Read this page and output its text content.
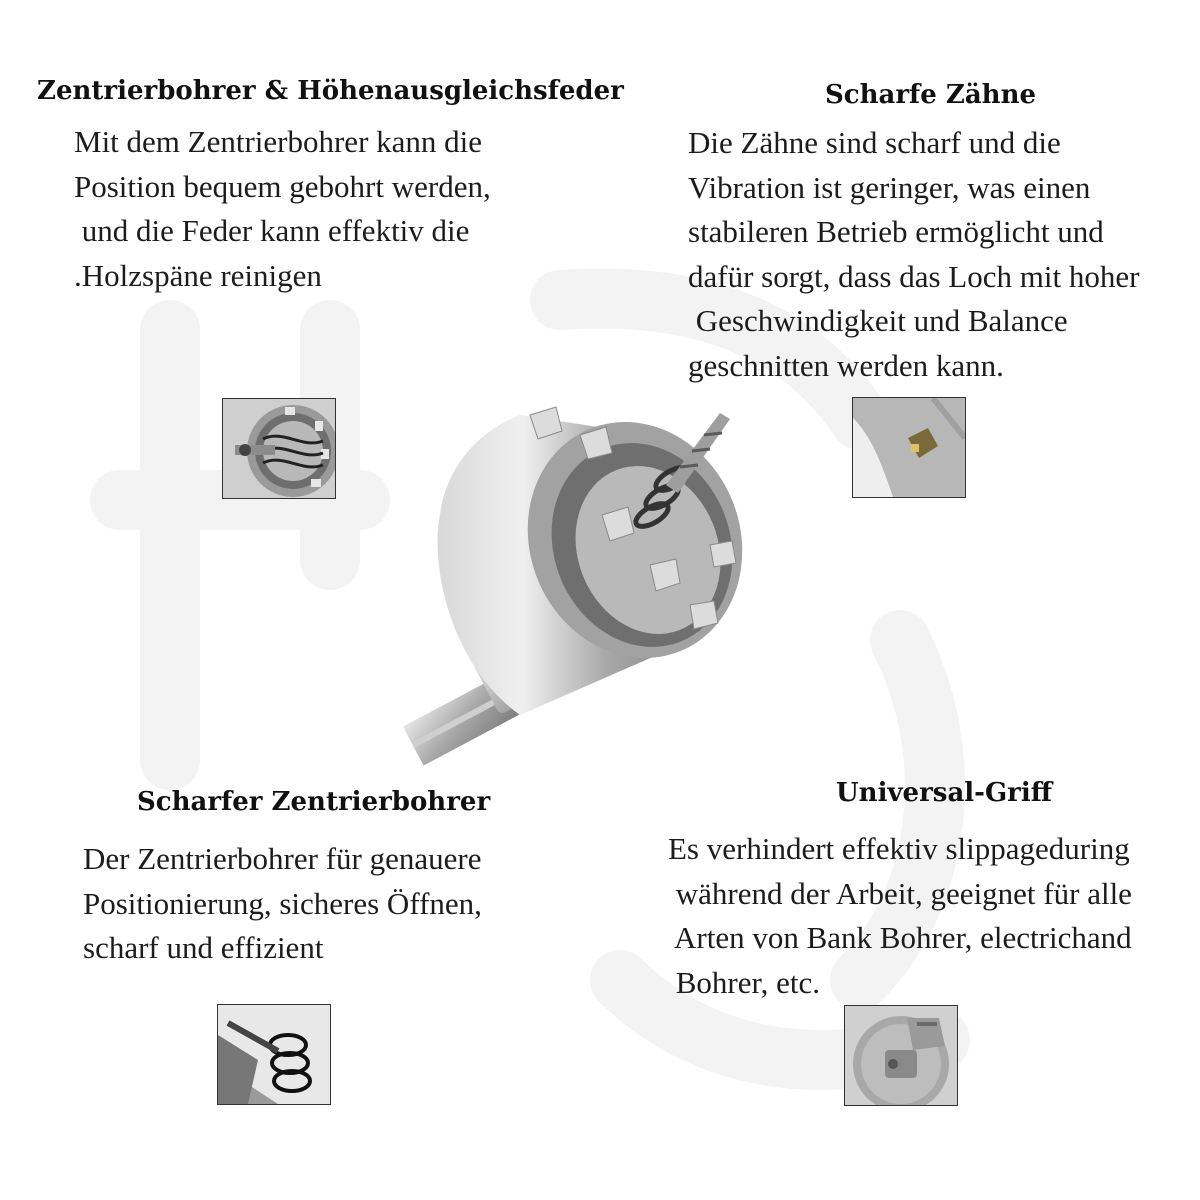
Zentrierbohrer & Höhenausgleichsfeder
Mit dem Zentrierbohrer kann die
Position bequem gebohrt werden,
und die Feder kann effektiv die
.Holzspäne reinigen
Scharfe Zähne
Die Zähne sind scharf und die
Vibration ist geringer, was einen
stabileren Betrieb ermöglicht und
dafür sorgt, dass das Loch mit hoher
Geschwindigkeit und Balance
geschnitten werden kann.
Scharfer Zentrierbohrer
Der Zentrierbohrer für genauere
Positionierung, sicheres Öffnen,
scharf und effizient
Universal-Griff
Es verhindert effektiv slippageduring
während der Arbeit, geeignet für alle
Arten von Bank Bohrer, electrichand
Bohrer, etc.
